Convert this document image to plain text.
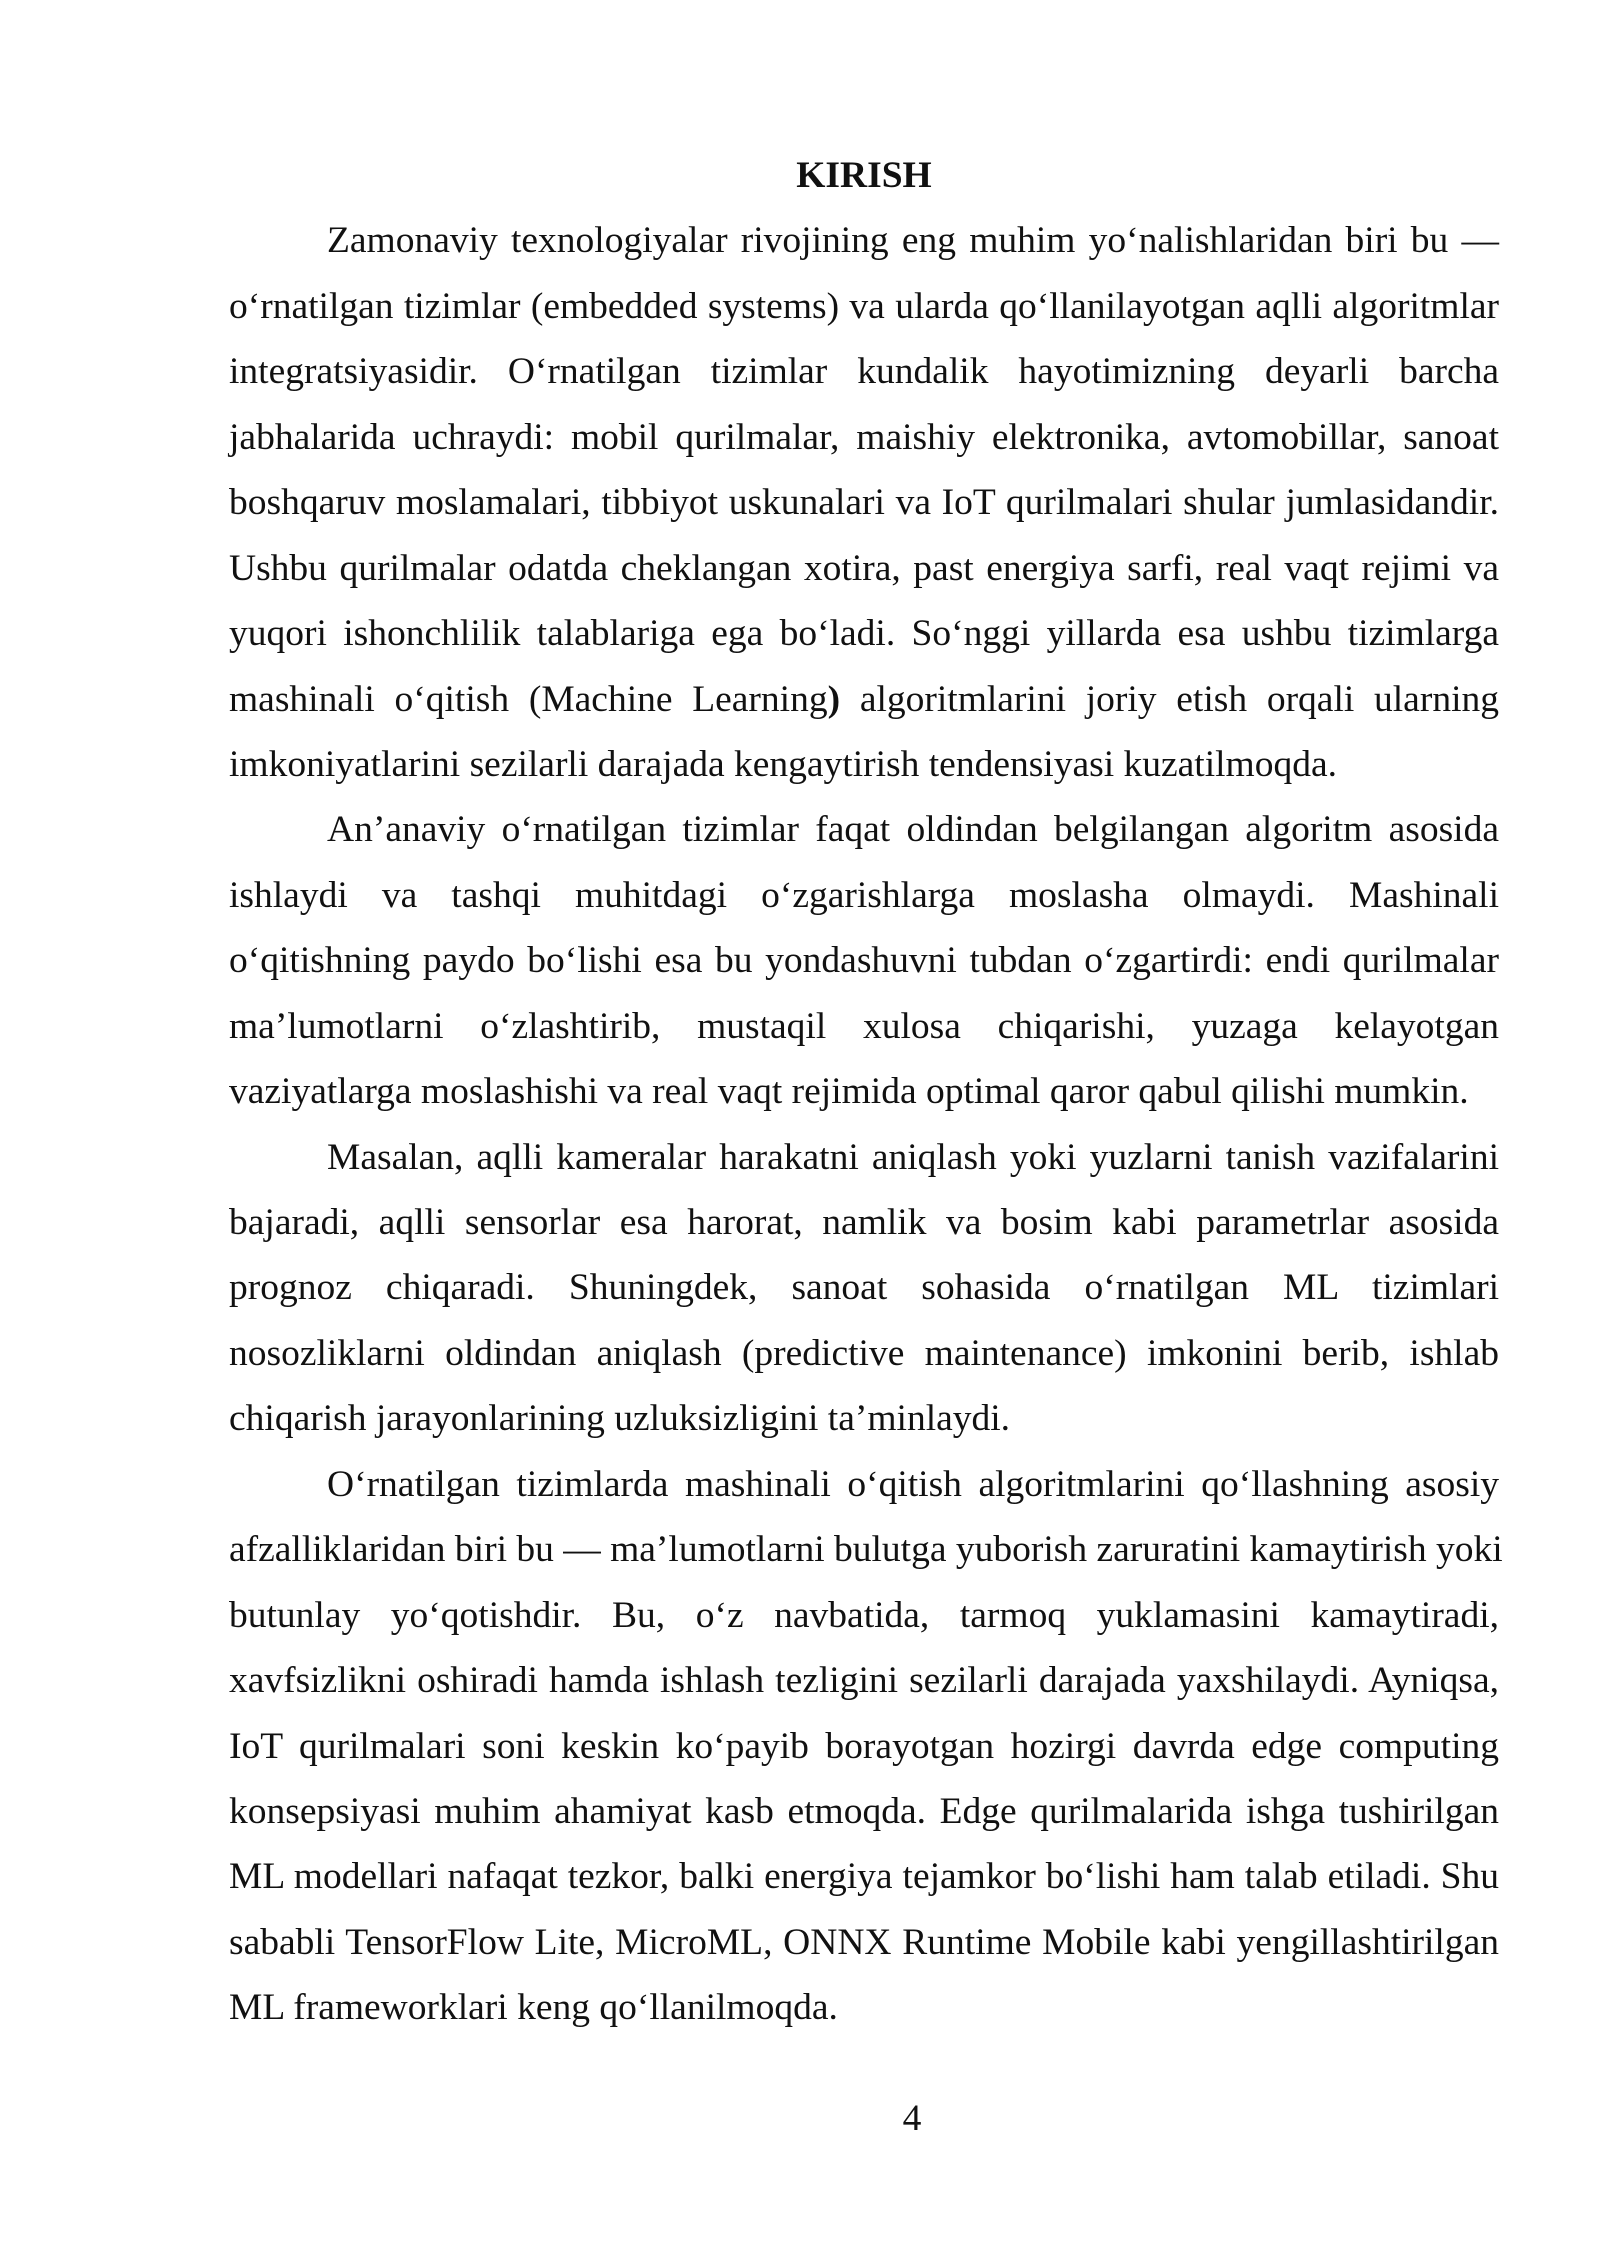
KIRISH
Zamonaviy texnologiyalar rivojining eng muhim yo‘nalishlaridan biri bu —
o‘rnatilgan tizimlar (embedded systems) va ularda qo‘llanilayotgan aqlli algoritmlar
integratsiyasidir. O‘rnatilgan tizimlar kundalik hayotimizning deyarli barcha
jabhalarida uchraydi: mobil qurilmalar, maishiy elektronika, avtomobillar, sanoat
boshqaruv moslamalari, tibbiyot uskunalari va IoT qurilmalari shular jumlasidandir.
Ushbu qurilmalar odatda cheklangan xotira, past energiya sarfi, real vaqt rejimi va
yuqori ishonchlilik talablariga ega bo‘ladi. So‘nggi yillarda esa ushbu tizimlarga
mashinali o‘qitish (Machine Learning) algoritmlarini joriy etish orqali ularning
imkoniyatlarini sezilarli darajada kengaytirish tendensiyasi kuzatilmoqda.
An’anaviy o‘rnatilgan tizimlar faqat oldindan belgilangan algoritm asosida
ishlaydi va tashqi muhitdagi o‘zgarishlarga moslasha olmaydi. Mashinali
o‘qitishning paydo bo‘lishi esa bu yondashuvni tubdan o‘zgartirdi: endi qurilmalar
ma’lumotlarni o‘zlashtirib, mustaqil xulosa chiqarishi, yuzaga kelayotgan
vaziyatlarga moslashishi va real vaqt rejimida optimal qaror qabul qilishi mumkin.
Masalan, aqlli kameralar harakatni aniqlash yoki yuzlarni tanish vazifalarini
bajaradi, aqlli sensorlar esa harorat, namlik va bosim kabi parametrlar asosida
prognoz chiqaradi. Shuningdek, sanoat sohasida o‘rnatilgan ML tizimlari
nosozliklarni oldindan aniqlash (predictive maintenance) imkonini berib, ishlab
chiqarish jarayonlarining uzluksizligini ta’minlaydi.
O‘rnatilgan tizimlarda mashinali o‘qitish algoritmlarini qo‘llashning asosiy
afzalliklaridan biri bu — ma’lumotlarni bulutga yuborish zaruratini kamaytirish yoki
butunlay yo‘qotishdir. Bu, o‘z navbatida, tarmoq yuklamasini kamaytiradi,
xavfsizlikni oshiradi hamda ishlash tezligini sezilarli darajada yaxshilaydi. Ayniqsa,
IoT qurilmalari soni keskin ko‘payib borayotgan hozirgi davrda edge computing
konsepsiyasi muhim ahamiyat kasb etmoqda. Edge qurilmalarida ishga tushirilgan
ML modellari nafaqat tezkor, balki energiya tejamkor bo‘lishi ham talab etiladi. Shu
sababli TensorFlow Lite, MicroML, ONNX Runtime Mobile kabi yengillashtirilgan
ML frameworklari keng qo‘llanilmoqda.
4
